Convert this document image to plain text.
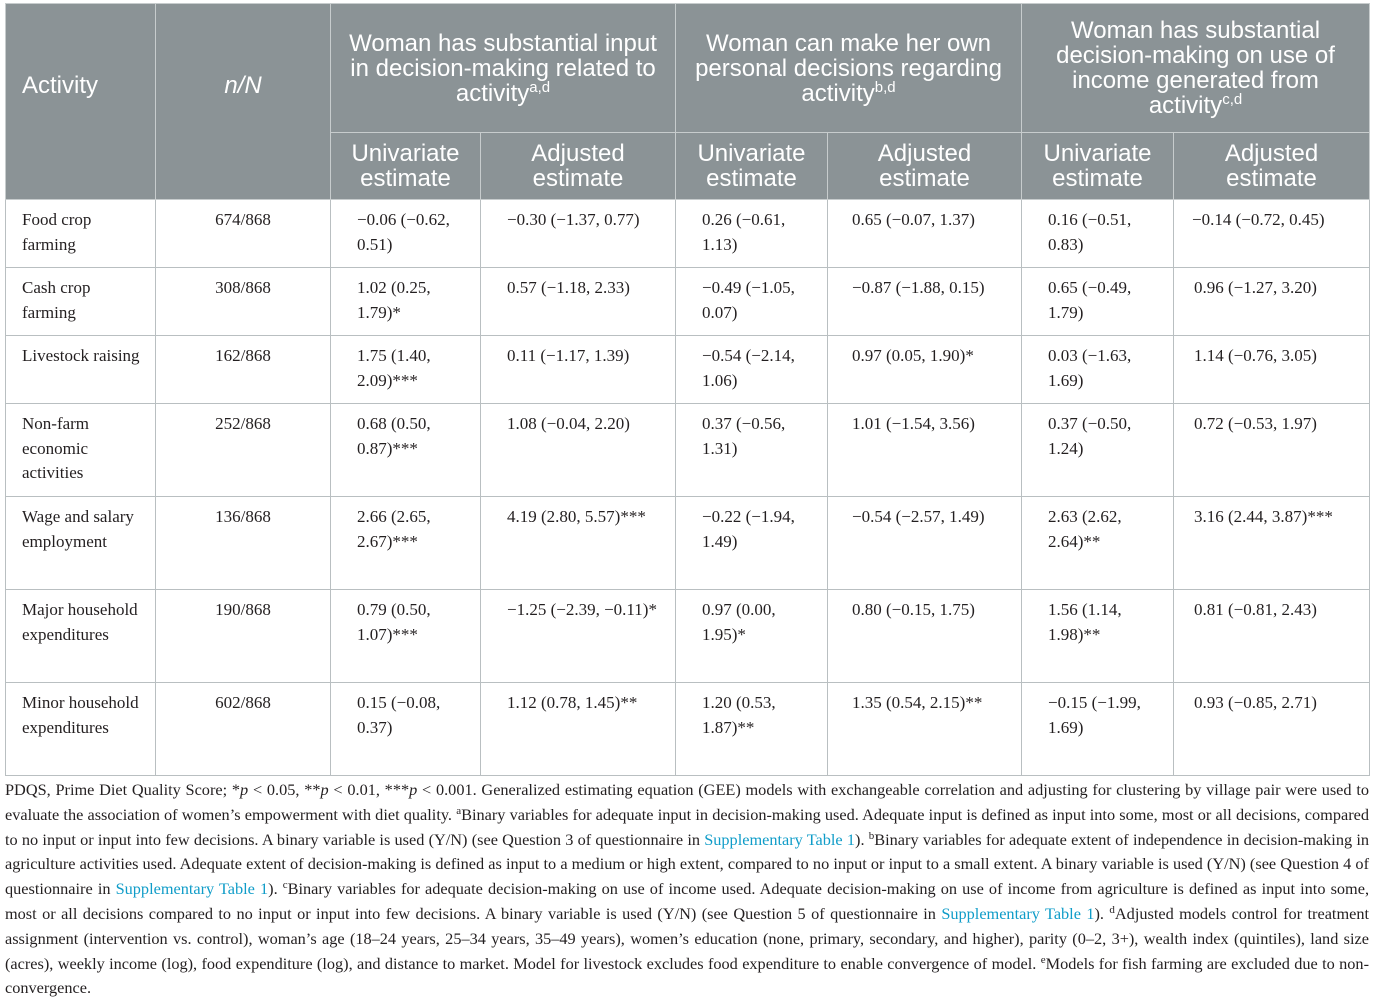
Activity	n/N	Woman has substantial input in decision-making related to activity$^{a,d}$		Woman can make her own personal decisions regarding activity$^{b,d}$		Woman has substantial decision-making on use of income generated from activity$^{c,d}$
		Univariate estimate	Adjusted estimate	Univariate estimate	Adjusted estimate	Univariate estimate	Adjusted estimate
Food crop farming	674/868	−0.06 (−0.62, 0.51)	−0.30 (−1.37, 0.77)	0.26 (−0.61, 1.13)	0.65 (−0.07, 1.37)	0.16 (−0.51, 0.83)	−0.14 (−0.72, 0.45)
Cash crop farming	308/868	1.02 (0.25, 1.79)*	0.57 (−1.18, 2.33)	−0.49 (−1.05, 0.07)	−0.87 (−1.88, 0.15)	0.65 (−0.49, 1.79)	0.96 (−1.27, 3.20)
Livestock raising	162/868	1.75 (1.40, 2.09)***	0.11 (−1.17, 1.39)	−0.54 (−2.14, 1.06)	0.97 (0.05, 1.90)*	0.03 (−1.63, 1.69)	1.14 (−0.76, 3.05)
Non-farm economic activities	252/868	0.68 (0.50, 0.87)***	1.08 (−0.04, 2.20)	0.37 (−0.56, 1.31)	1.01 (−1.54, 3.56)	0.37 (−0.50, 1.24)	0.72 (−0.53, 1.97)
Wage and salary employment	136/868	2.66 (2.65, 2.67)***	4.19 (2.80, 5.57)***	−0.22 (−1.94, 1.49)	−0.54 (−2.57, 1.49)	2.63 (2.62, 2.64)**	3.16 (2.44, 3.87)***
Major household expenditures	190/868	0.79 (0.50, 1.07)***	−1.25 (−2.39, −0.11)*	0.97 (0.00, 1.95)*	0.80 (−0.15, 1.75)	1.56 (1.14, 1.98)**	0.81 (−0.81, 2.43)
Minor household expenditures	602/868	0.15 (−0.08, 0.37)	1.12 (0.78, 1.45)**	1.20 (0.53, 1.87)**	1.35 (0.54, 2.15)**	−0.15 (−1.99, 1.69)	0.93 (−0.85, 2.71)

PDQS, Prime Diet Quality Score; *p < 0.05, **p < 0.01, ***p < 0.001. Generalized estimating equation (GEE) models with exchangeable correlation and adjusting for clustering by village pair were used to evaluate the association of women’s empowerment with diet quality. $^a$Binary variables for adequate input in decision-making used. Adequate input is defined as input into some, most or all decisions, compared to no input or input into few decisions. A binary variable is used (Y/N) (see Question 3 of questionnaire in Supplementary Table 1). $^b$Binary variables for adequate extent of independence in decision-making in agriculture activities used. Adequate extent of decision-making is defined as input to a medium or high extent, compared to no input or input to a small extent. A binary variable is used (Y/N) (see Question 4 of questionnaire in Supplementary Table 1). $^c$Binary variables for adequate decision-making on use of income used. Adequate decision-making on use of income from agriculture is defined as input into some, most or all decisions compared to no input or input into few decisions. A binary variable is used (Y/N) (see Question 5 of questionnaire in Supplementary Table 1). $^d$Adjusted models control for treatment assignment (intervention vs. control), woman’s age (18–24 years, 25–34 years, 35–49 years), women’s education (none, primary, secondary, and higher), parity (0–2, 3+), wealth index (quintiles), land size (acres), weekly income (log), food expenditure (log), and distance to market. Model for livestock excludes food expenditure to enable convergence of model. $^e$Models for fish farming are excluded due to non-convergence.
